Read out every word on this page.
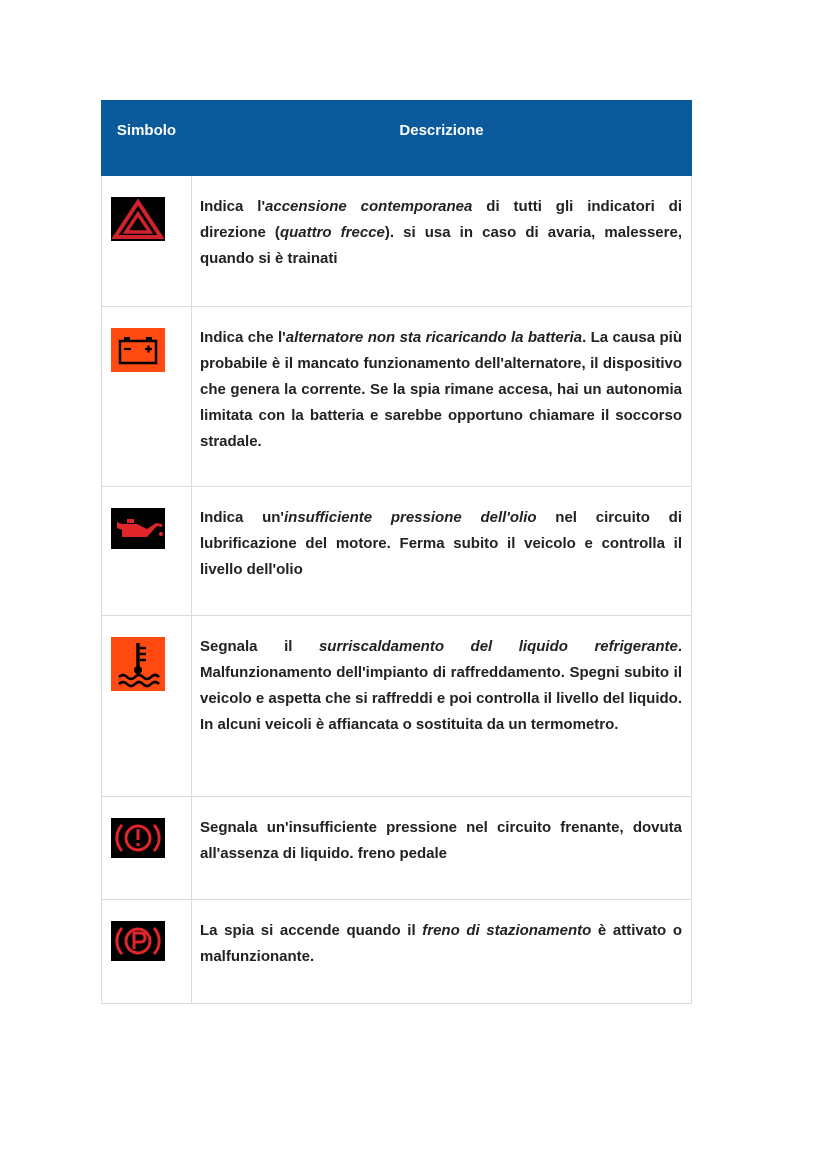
Simbolo	Descrizione

	Indica l'accensione contemporanea di tutti gli indicatori di direzione (quattro frecce). si usa in caso di avaria, malessere, quando si è trainati

	Indica che l'alternatore non sta ricaricando la batteria. La causa più probabile è il mancato funzionamento dell'alternatore, il dispositivo che genera la corrente. Se la spia rimane accesa, hai un autonomia limitata con la batteria e sarebbe opportuno chiamare il soccorso stradale.

	Indica un'insufficiente pressione dell'olio nel circuito di lubrificazione del motore. Ferma subito il veicolo e controlla il livello dell'olio

	Segnala il surriscaldamento del liquido refrigerante. Malfunzionamento dell'impianto di raffreddamento. Spegni subito il veicolo e aspetta che si raffreddi e poi controlla il livello del liquido. In alcuni veicoli è affiancata o sostituita da un termometro.

	Segnala un'insufficiente pressione nel circuito frenante, dovuta all'assenza di liquido. freno pedale

	La spia si accende quando il freno di stazionamento è attivato o malfunzionante.
